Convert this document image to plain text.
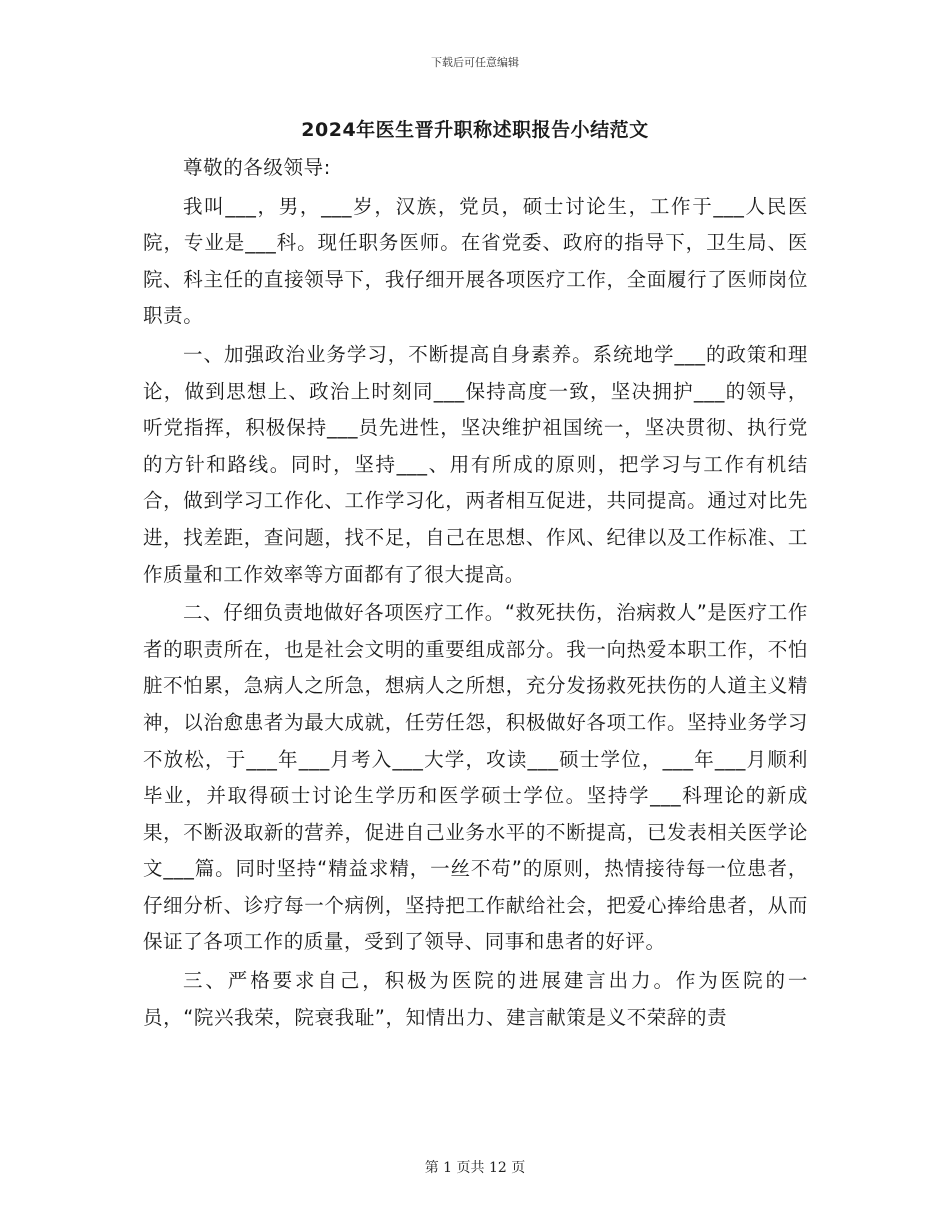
下载后可任意编辑
2024年医生晋升职称述职报告小结范文

尊敬的各级领导:

我叫___，男，___岁，汉族，党员，硕士讨论生，工作于___人民医院，专业是___科。现任职务医师。在省党委、政府的指导下，卫生局、医院、科主任的直接领导下，我仔细开展各项医疗工作，全面履行了医师岗位职责。

一、加强政治业务学习，不断提高自身素养。系统地学___的政策和理论，做到思想上、政治上时刻同___保持高度一致，坚决拥护___的领导，听党指挥，积极保持___员先进性，坚决维护祖国统一，坚决贯彻、执行党的方针和路线。同时，坚持___、用有所成的原则，把学习与工作有机结合，做到学习工作化、工作学习化，两者相互促进，共同提高。通过对比先进，找差距，查问题，找不足，自己在思想、作风、纪律以及工作标准、工作质量和工作效率等方面都有了很大提高。

二、仔细负责地做好各项医疗工作。“救死扶伤，治病救人”是医疗工作者的职责所在，也是社会文明的重要组成部分。我一向热爱本职工作，不怕脏不怕累，急病人之所急，想病人之所想，充分发扬救死扶伤的人道主义精神，以治愈患者为最大成就，任劳任怨，积极做好各项工作。坚持业务学习不放松，于___年___月考入___大学，攻读___硕士学位，___年___月顺利毕业，并取得硕士讨论生学历和医学硕士学位。坚持学___科理论的新成果，不断汲取新的营养，促进自己业务水平的不断提高，已发表相关医学论文___篇。同时坚持“精益求精，一丝不苟”的原则，热情接待每一位患者，仔细分析、诊疗每一个病例，坚持把工作献给社会，把爱心捧给患者，从而保证了各项工作的质量，受到了领导、同事和患者的好评。

三、严格要求自己，积极为医院的进展建言出力。作为医院的一员，“院兴我荣，院衰我耻”，知情出力、建言献策是义不荣辞的责

第 1 页共 12 页
